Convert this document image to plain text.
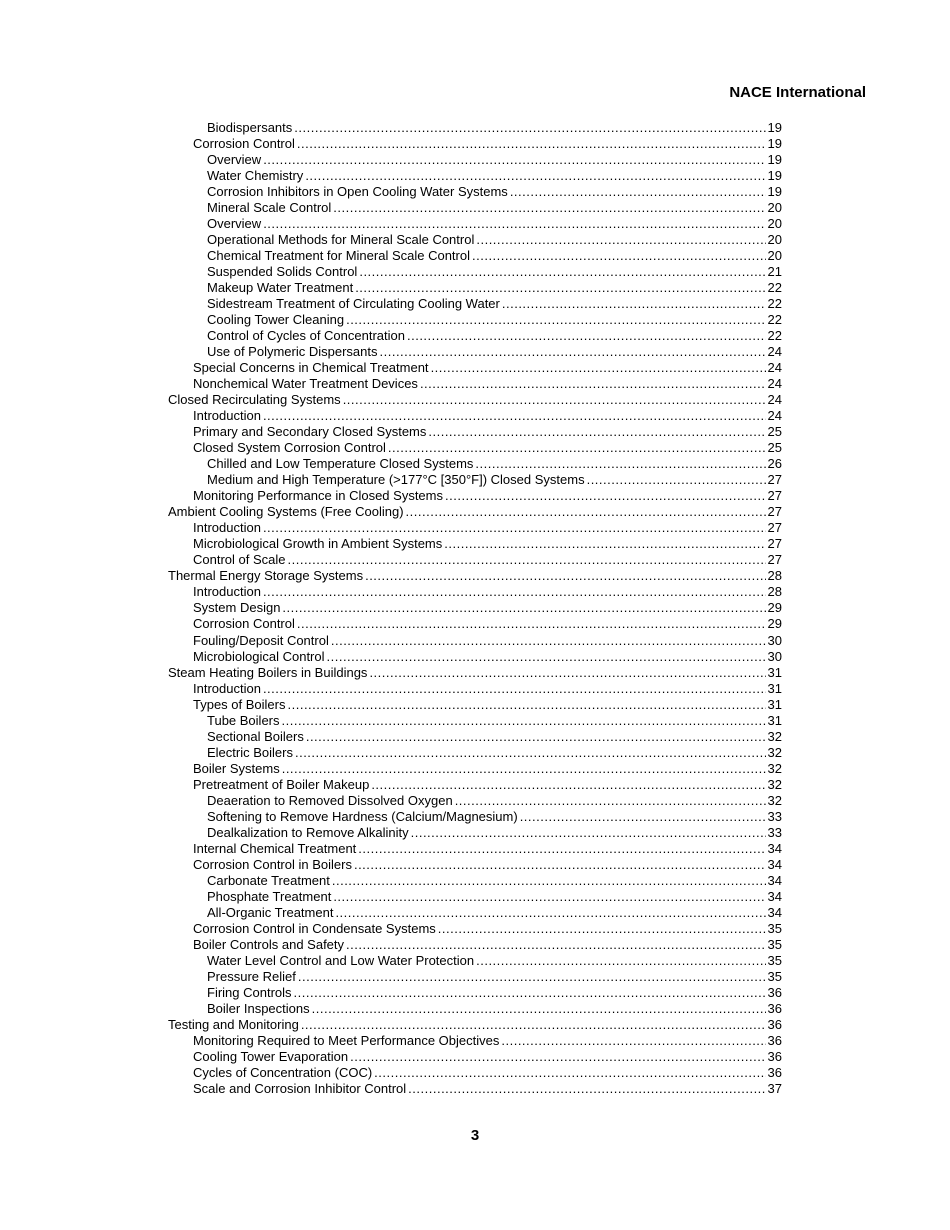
NACE International
Biodispersants .....	19
Corrosion Control .....	19
Overview .....	19
Water Chemistry .....	19
Corrosion Inhibitors in Open Cooling Water Systems .....	19
Mineral Scale Control .....	20
Overview .....	20
Operational Methods for Mineral Scale Control .....	20
Chemical Treatment for Mineral Scale Control .....	20
Suspended Solids Control .....	21
Makeup Water Treatment .....	22
Sidestream Treatment of Circulating Cooling Water .....	22
Cooling Tower Cleaning .....	22
Control of Cycles of Concentration .....	22
Use of Polymeric Dispersants .....	24
Special Concerns in Chemical Treatment .....	24
Nonchemical Water Treatment Devices .....	24
Closed Recirculating Systems .....	24
Introduction .....	24
Primary and Secondary Closed Systems .....	25
Closed System Corrosion Control .....	25
Chilled and Low Temperature Closed Systems .....	26
Medium and High Temperature (>177°C [350°F]) Closed Systems .....	27
Monitoring Performance in Closed Systems .....	27
Ambient Cooling Systems (Free Cooling) .....	27
Introduction .....	27
Microbiological Growth in Ambient Systems .....	27
Control of Scale .....	27
Thermal Energy Storage Systems .....	28
Introduction .....	28
System Design .....	29
Corrosion Control .....	29
Fouling/Deposit Control .....	30
Microbiological Control .....	30
Steam Heating Boilers in Buildings .....	31
Introduction .....	31
Types of Boilers .....	31
Tube Boilers .....	31
Sectional Boilers .....	32
Electric Boilers .....	32
Boiler Systems .....	32
Pretreatment of Boiler Makeup .....	32
Deaeration to Removed Dissolved Oxygen .....	32
Softening to Remove Hardness (Calcium/Magnesium) .....	33
Dealkalization to Remove Alkalinity .....	33
Internal Chemical Treatment .....	34
Corrosion Control in Boilers .....	34
Carbonate Treatment .....	34
Phosphate Treatment .....	34
All-Organic Treatment .....	34
Corrosion Control in Condensate Systems .....	35
Boiler Controls and Safety .....	35
Water Level Control and Low Water Protection .....	35
Pressure Relief .....	35
Firing Controls .....	36
Boiler Inspections .....	36
Testing and Monitoring .....	36
Monitoring Required to Meet Performance Objectives .....	36
Cooling Tower Evaporation .....	36
Cycles of Concentration (COC) .....	36
Scale and Corrosion Inhibitor Control .....	37
3
